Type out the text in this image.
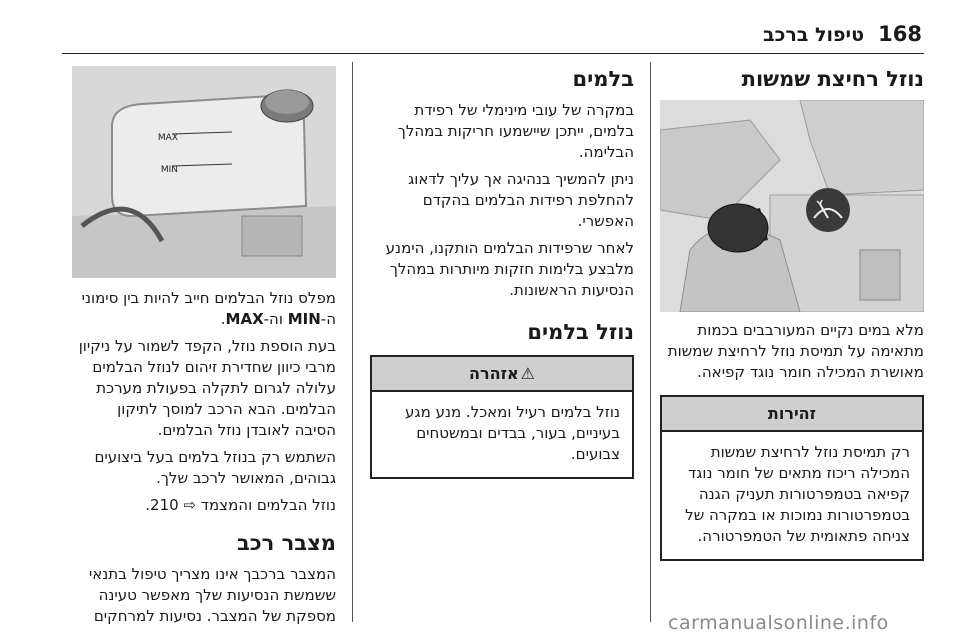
168
טיפול ברכב
נוזל רחיצת שמשות

מלא במים נקיים המעורבבים בכמות מתאימה על תמיסת נוזל לרחיצת שמשות מאושרת המכילה חומר נוגד קפיאה.

זהירות
רק תמיסת נוזל לרחיצת שמשות המכילה ריכוז מתאים של חומר נוגד קפיאה בטמפרטורות תעניק הגנה בטמפרטורות נמוכות או במקרה של צניחה פתאומית של הטמפרטורה.
בלמים

במקרה של עובי מינימלי של רפידת בלמים, ייתכן שיישמעו חריקות במהלך הבלימה.

ניתן להמשיך בנהיגה אך עליך לדאוג להחלפת רפידות הבלמים בהקדם האפשרי.

לאחר שרפידות הבלמים הותקנו, הימנע מלבצע בלימות חזקות מיותרות במהלך הנסיעות הראשונות.

נוזל בלמים
⚠אזהרה
נוזל בלמים רעיל ומאכל. מנע מגע בעיניים, בעור, בבדים ובמשטחים צבועים.
MAX
MIN

מפלס נוזל הבלמים חייב להיות בין סימוני ה-MIN וה-MAX.

בעת הוספת נוזל, הקפד לשמור על ניקיון מרבי כיוון שחדירת זיהום לנוזל הבלמים עלולה לגרום לתקלה בפעולת מערכת הבלמים. הבא הרכב למוסך לתיקון הסיבה לאובדן נוזל הבלמים.

השתמש רק בנוזל בלמים בעל ביצועים גבוהים, המאושר לרכב שלך.

נוזל הבלמים והמצמד ⇨ 210.

מצבר רכב

המצבר ברכבך אינו מצריך טיפול בתנאי ששמשת הנסיעות שלך מאפשר טעינה מספקת של המצבר. נסיעות למרחקים	carmanualsonline.info
